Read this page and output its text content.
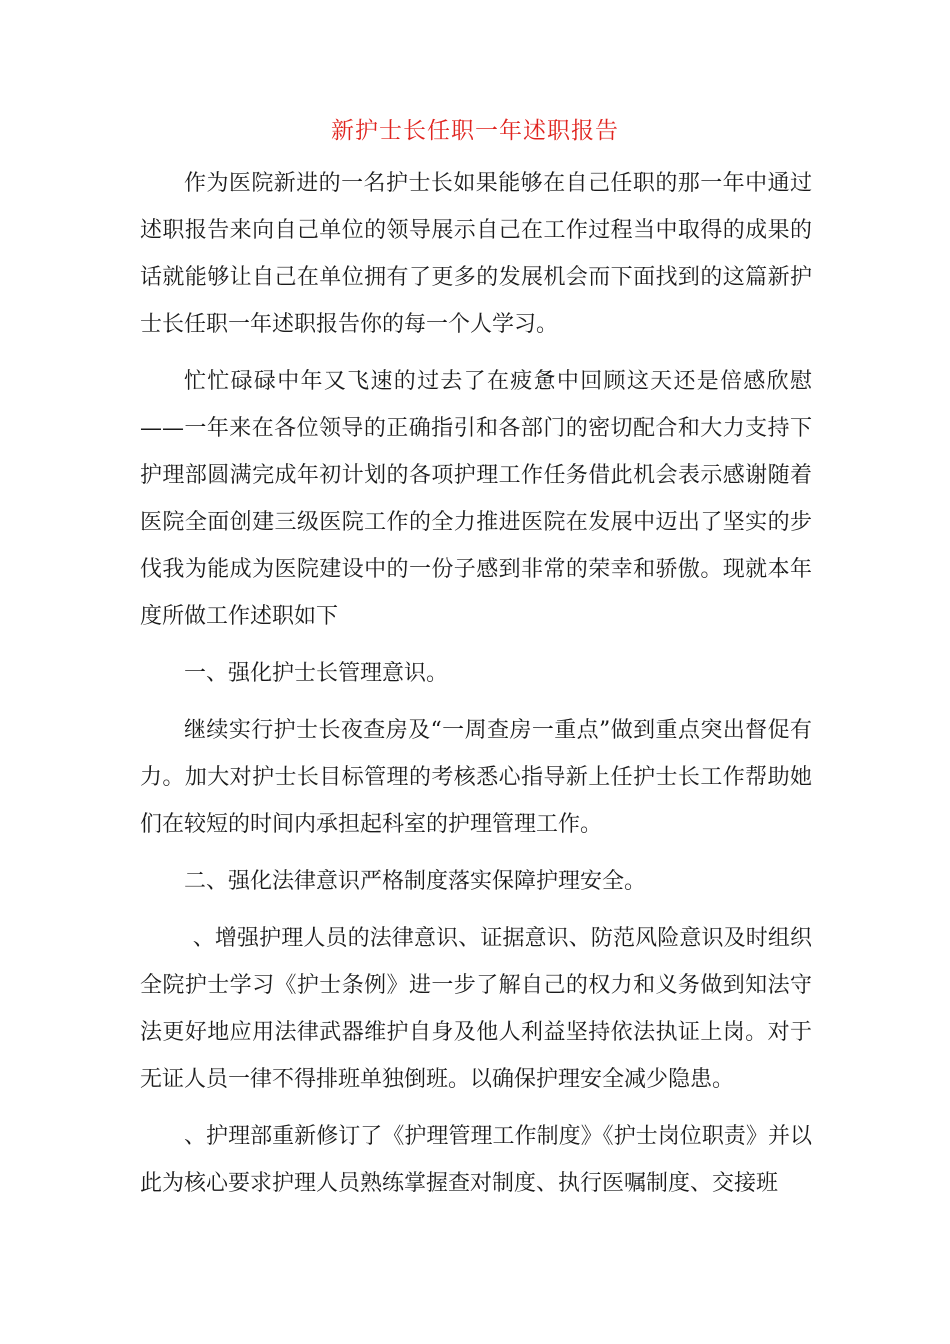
新护士长任职一年述职报告

作为医院新进的一名护士长如果能够在自己任职的那一年中通过述职报告来向自己单位的领导展示自己在工作过程当中取得的成果的话就能够让自己在单位拥有了更多的发展机会而下面找到的这篇新护士长任职一年述职报告你的每一个人学习。

忙忙碌碌中年又飞速的过去了在疲惫中回顾这天还是倍感欣慰——一年来在各位领导的正确指引和各部门的密切配合和大力支持下护理部圆满完成年初计划的各项护理工作任务借此机会表示感谢随着医院全面创建三级医院工作的全力推进医院在发展中迈出了坚实的步伐我为能成为医院建设中的一份子感到非常的荣幸和骄傲。现就本年度所做工作述职如下

一、强化护士长管理意识。

继续实行护士长夜查房及“一周查房一重点”做到重点突出督促有力。加大对护士长目标管理的考核悉心指导新上任护士长工作帮助她们在较短的时间内承担起科室的护理管理工作。

二、强化法律意识严格制度落实保障护理安全。

、增强护理人员的法律意识、证据意识、防范风险意识及时组织全院护士学习《护士条例》进一步了解自己的权力和义务做到知法守法更好地应用法律武器维护自身及他人利益坚持依法执证上岗。对于无证人员一律不得排班单独倒班。以确保护理安全减少隐患。

、护理部重新修订了《护理管理工作制度》《护士岗位职责》并以此为核心要求护理人员熟练掌握查对制度、执行医嘱制度、交接班
